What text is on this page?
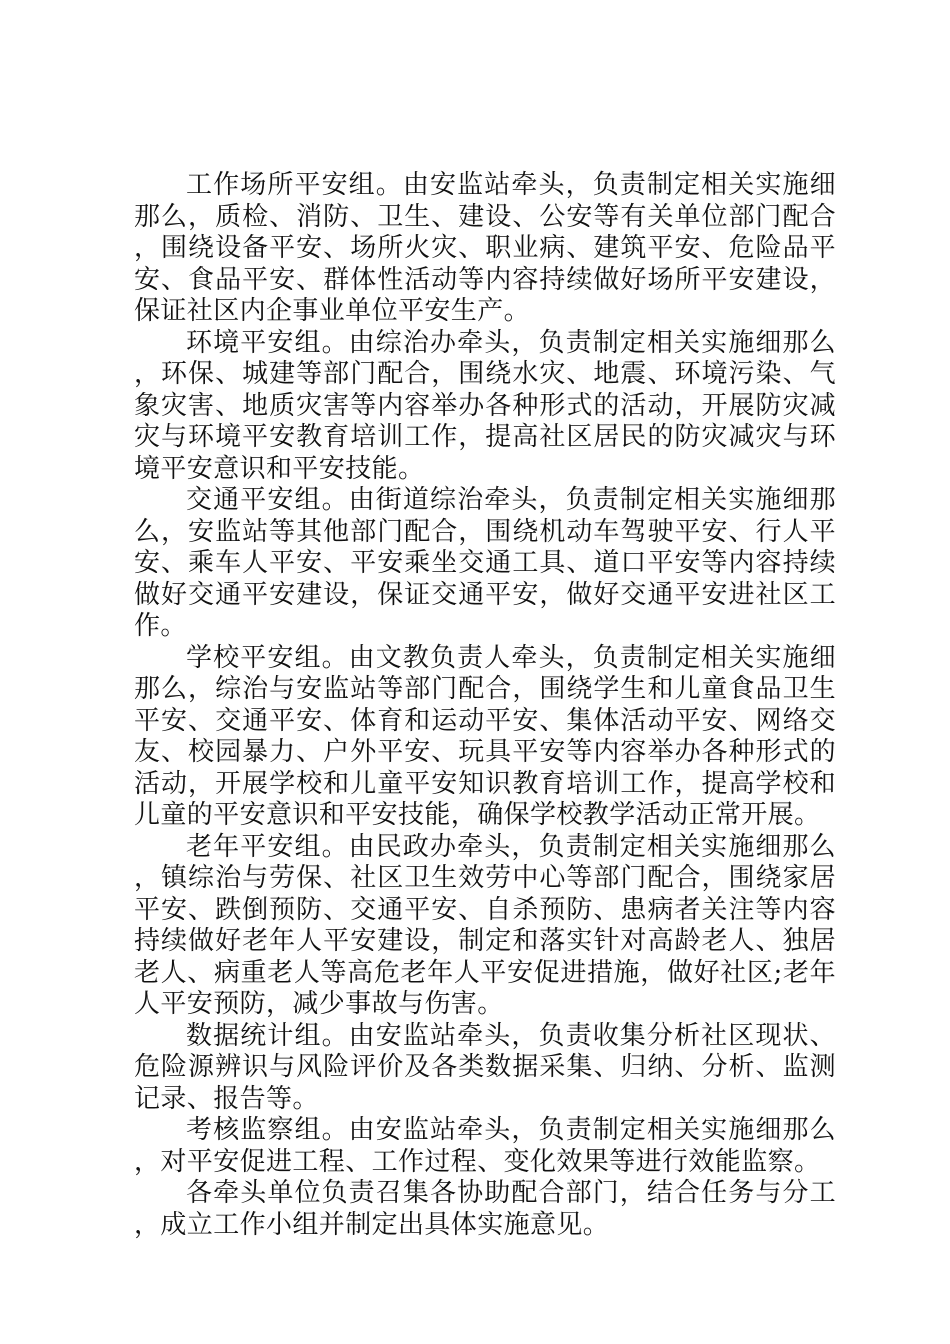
工作场所平安组。由安监站牵头，负责制定相关实施细那么，质检、消防、卫生、建设、公安等有关单位部门配合，围绕设备平安、场所火灾、职业病、建筑平安、危险品平安、食品平安、群体性活动等内容持续做好场所平安建设，保证社区内企事业单位平安生产。

环境平安组。由综治办牵头，负责制定相关实施细那么，环保、城建等部门配合，围绕水灾、地震、环境污染、气象灾害、地质灾害等内容举办各种形式的活动，开展防灾减灾与环境平安教育培训工作，提高社区居民的防灾减灾与环境平安意识和平安技能。

交通平安组。由街道综治牵头，负责制定相关实施细那么，安监站等其他部门配合，围绕机动车驾驶平安、行人平安、乘车人平安、平安乘坐交通工具、道口平安等内容持续做好交通平安建设，保证交通平安，做好交通平安进社区工作。

学校平安组。由文教负责人牵头，负责制定相关实施细那么，综治与安监站等部门配合，围绕学生和儿童食品卫生平安、交通平安、体育和运动平安、集体活动平安、网络交友、校园暴力、户外平安、玩具平安等内容举办各种形式的活动，开展学校和儿童平安知识教育培训工作，提高学校和儿童的平安意识和平安技能，确保学校教学活动正常开展。

老年平安组。由民政办牵头，负责制定相关实施细那么，镇综治与劳保、社区卫生效劳中心等部门配合，围绕家居平安、跌倒预防、交通平安、自杀预防、患病者关注等内容持续做好老年人平安建设，制定和落实针对高龄老人、独居老人、病重老人等高危老年人平安促进措施，做好社区;老年人平安预防，减少事故与伤害。

数据统计组。由安监站牵头，负责收集分析社区现状、危险源辨识与风险评价及各类数据采集、归纳、分析、监测记录、报告等。

考核监察组。由安监站牵头，负责制定相关实施细那么，对平安促进工程、工作过程、变化效果等进行效能监察。

各牵头单位负责召集各协助配合部门，结合任务与分工，成立工作小组并制定出具体实施意见。
